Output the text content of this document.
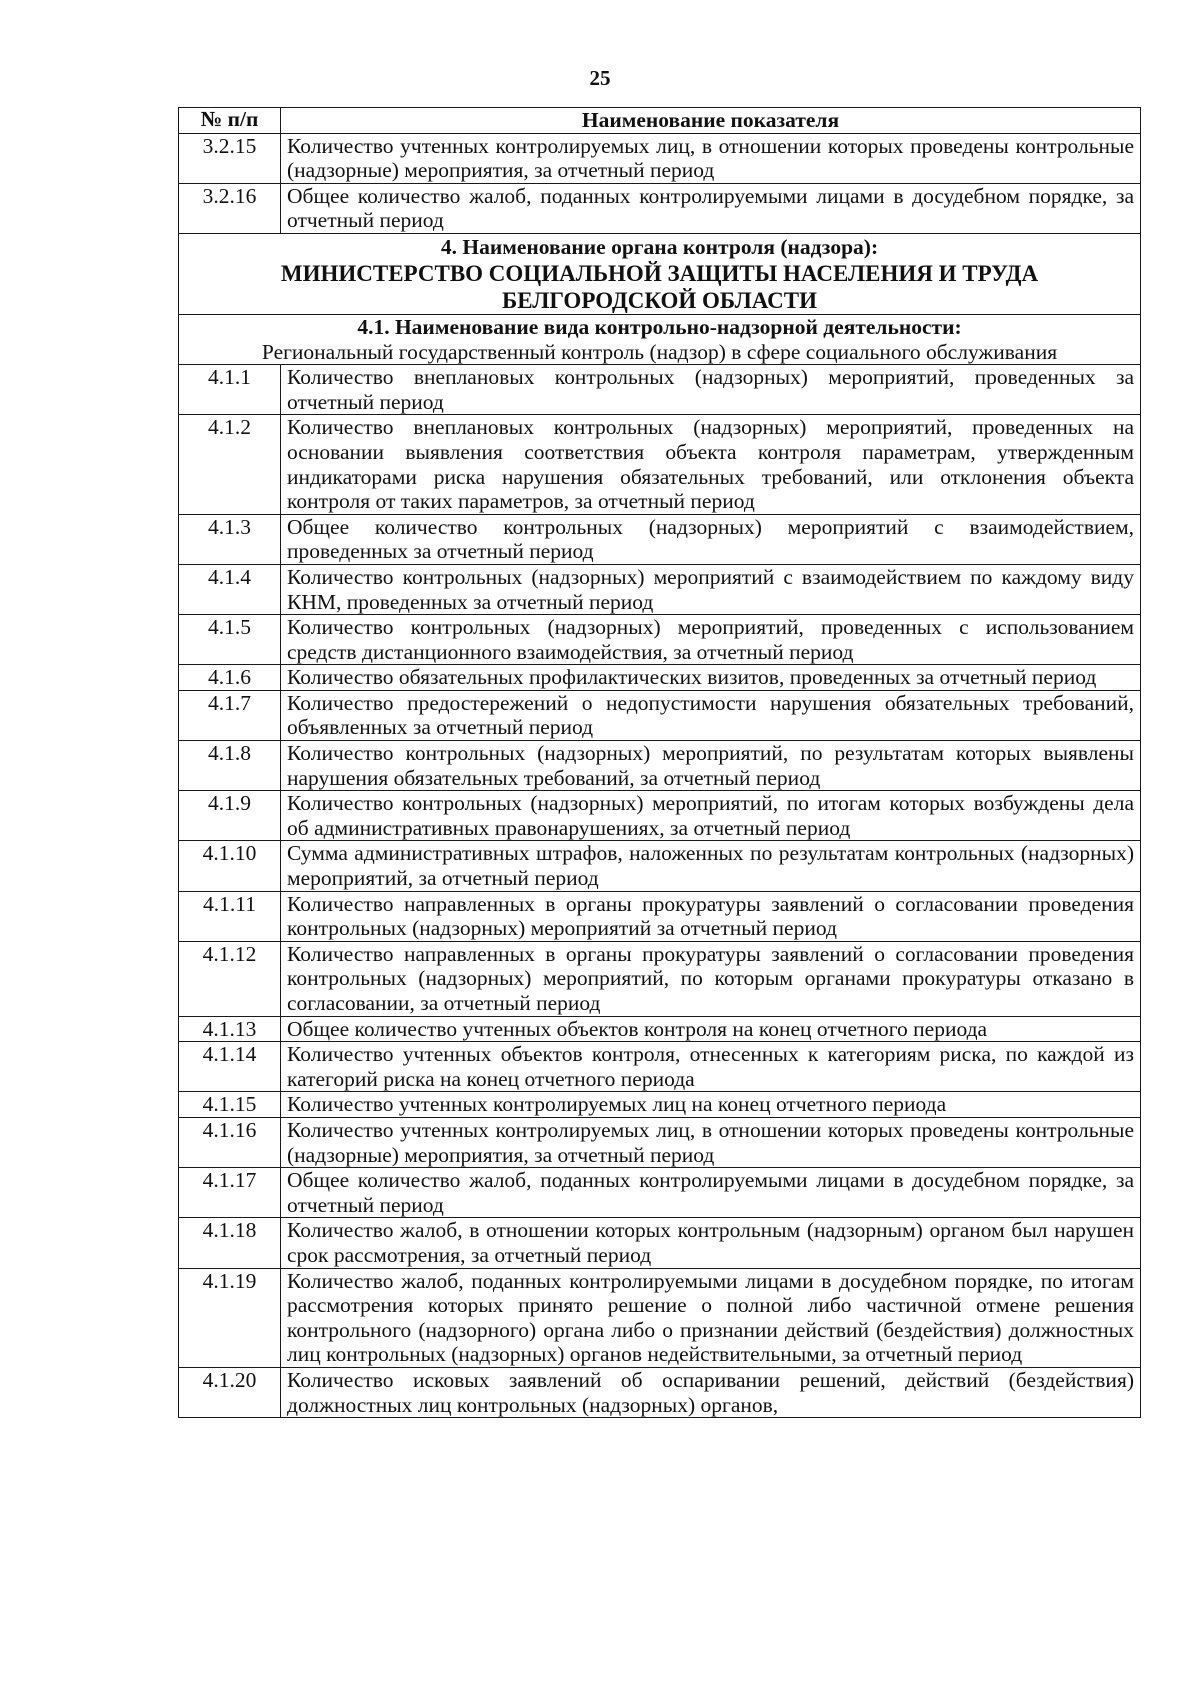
25
№ п/п	Наименование показателя
3.2.15	Количество учтенных контролируемых лиц, в отношении которых проведены контрольные (надзорные) мероприятия, за отчетный период
3.2.16	Общее количество жалоб, поданных контролируемыми лицами в досудебном порядке, за отчетный период

4. Наименование органа контроля (надзора):
МИНИСТЕРСТВО СОЦИАЛЬНОЙ ЗАЩИТЫ НАСЕЛЕНИЯ И ТРУДА БЕЛГОРОДСКОЙ ОБЛАСТИ	

4.1. Наименование вида контрольно-надзорной деятельности:
Региональный государственный контроль (надзор) в сфере социального обслуживания	

4.1.1	Количество внеплановых контрольных (надзорных) мероприятий, проведенных за отчетный период
4.1.2	Количество внеплановых контрольных (надзорных) мероприятий, проведенных на основании выявления соответствия объекта контроля параметрам, утвержденным индикаторами риска нарушения обязательных требований, или отклонения объекта контроля от таких параметров, за отчетный период
4.1.3	Общее количество контрольных (надзорных) мероприятий с взаимодействием, проведенных за отчетный период
4.1.4	Количество контрольных (надзорных) мероприятий с взаимодействием по каждому виду КНМ, проведенных за отчетный период
4.1.5	Количество контрольных (надзорных) мероприятий, проведенных с использованием средств дистанционного взаимодействия, за отчетный период
4.1.6	Количество обязательных профилактических визитов, проведенных за отчетный период
4.1.7	Количество предостережений о недопустимости нарушения обязательных требований, объявленных за отчетный период
4.1.8	Количество контрольных (надзорных) мероприятий, по результатам которых выявлены нарушения обязательных требований, за отчетный период
4.1.9	Количество контрольных (надзорных) мероприятий, по итогам которых возбуждены дела об административных правонарушениях, за отчетный период
4.1.10	Сумма административных штрафов, наложенных по результатам контрольных (надзорных) мероприятий, за отчетный период
4.1.11	Количество направленных в органы прокуратуры заявлений о согласовании проведения контрольных (надзорных) мероприятий за отчетный период
4.1.12	Количество направленных в органы прокуратуры заявлений о согласовании проведения контрольных (надзорных) мероприятий, по которым органами прокуратуры отказано в согласовании, за отчетный период
4.1.13	Общее количество учтенных объектов контроля на конец отчетного периода
4.1.14	Количество учтенных объектов контроля, отнесенных к категориям риска, по каждой из категорий риска на конец отчетного периода
4.1.15	Количество учтенных контролируемых лиц на конец отчетного периода
4.1.16	Количество учтенных контролируемых лиц, в отношении которых проведены контрольные (надзорные) мероприятия, за отчетный период
4.1.17	Общее количество жалоб, поданных контролируемыми лицами в досудебном порядке, за отчетный период
4.1.18	Количество жалоб, в отношении которых контрольным (надзорным) органом был нарушен срок рассмотрения, за отчетный период
4.1.19	Количество жалоб, поданных контролируемыми лицами в досудебном порядке, по итогам рассмотрения которых принято решение о полной либо частичной отмене решения контрольного (надзорного) органа либо о признании действий (бездействия) должностных лиц контрольных (надзорных) органов недействительными, за отчетный период
4.1.20	Количество исковых заявлений об оспаривании решений, действий (бездействия) должностных лиц контрольных (надзорных) органов,
